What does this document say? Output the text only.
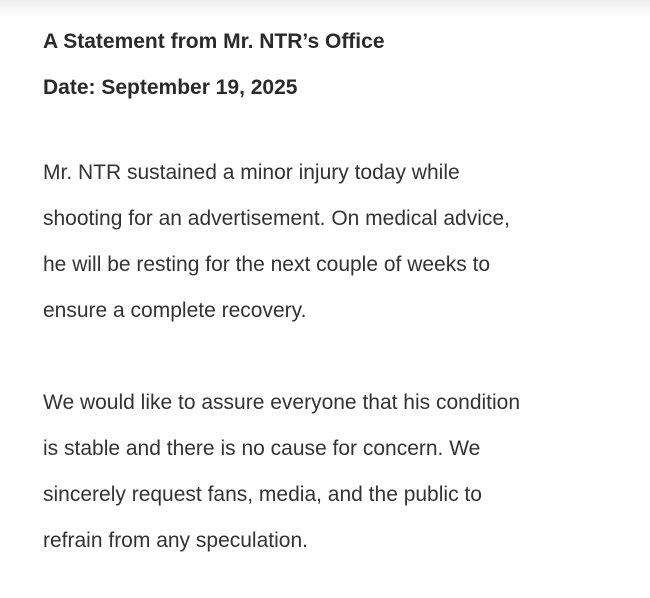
A Statement from Mr. NTR’s Office
Date: September 19, 2025

Mr. NTR sustained a minor injury today while
shooting for an advertisement. On medical advice,
he will be resting for the next couple of weeks to
ensure a complete recovery.

We would like to assure everyone that his condition
is stable and there is no cause for concern. We
sincerely request fans, media, and the public to
refrain from any speculation.
